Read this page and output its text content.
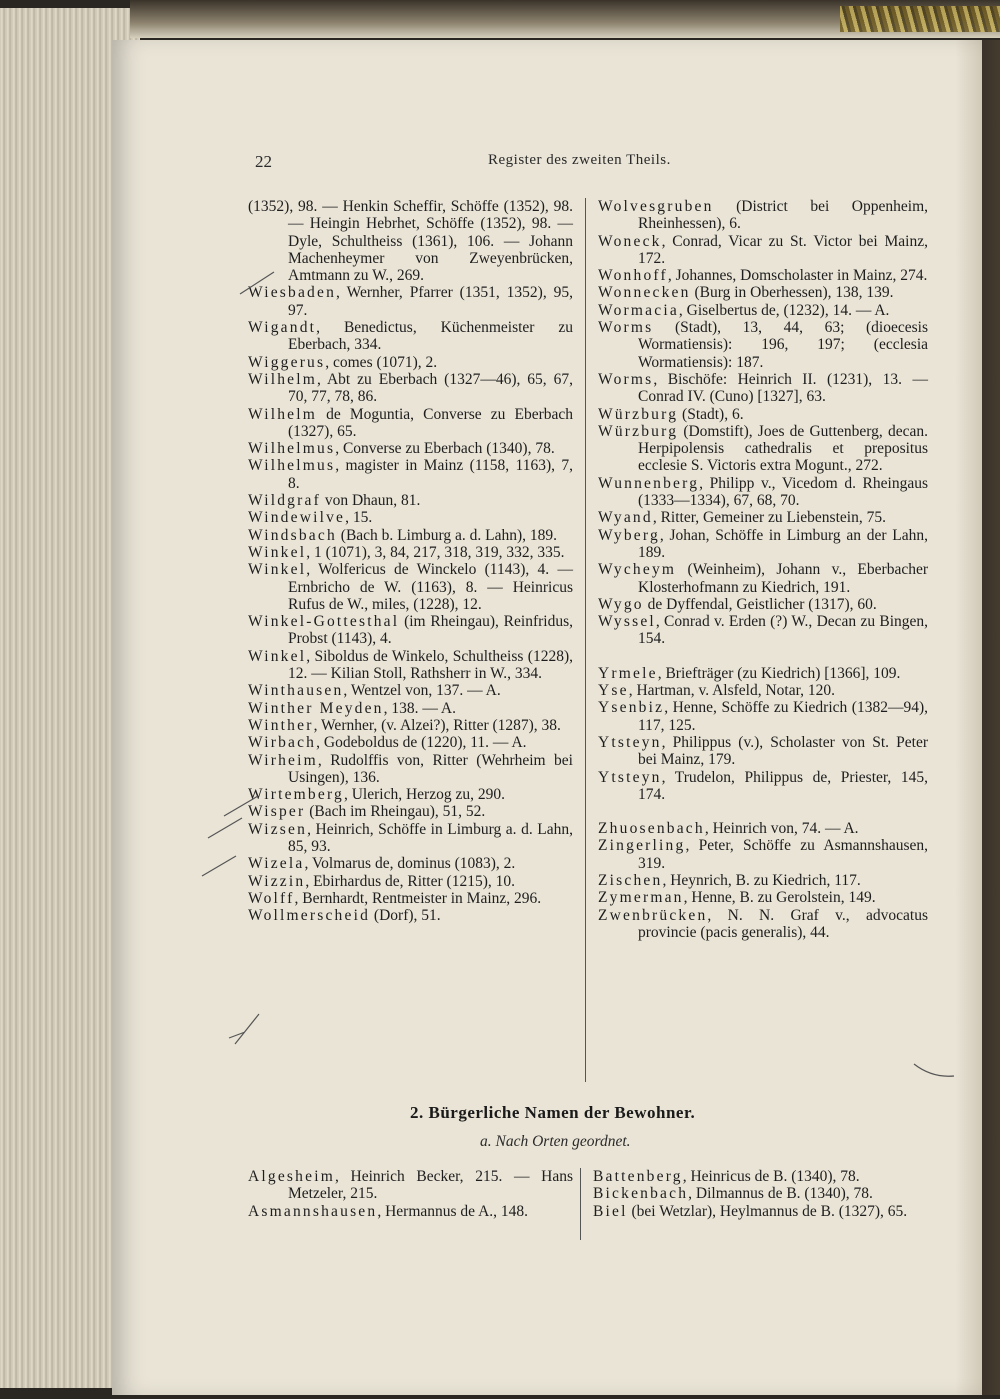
22	Register des zweiten Theils.
(1352), 98. — Henkin Scheffir, Schöffe (1352), 98. — Heingin Hebrhet, Schöffe (1352), 98. — Dyle, Schultheiss (1361), 106. — Johann Machenheymer von Zweyenbrücken, Amtmann zu W., 269.
Wiesbaden, Wernher, Pfarrer (1351, 1352), 95, 97.
Wigandt, Benedictus, Küchenmeister zu Eberbach, 334.
Wiggerus, comes (1071), 2.
Wilhelm, Abt zu Eberbach (1327—46), 65, 67, 70, 77, 78, 86.
Wilhelm de Moguntia, Converse zu Eberbach (1327), 65.
Wilhelmus, Converse zu Eberbach (1340), 78.
Wilhelmus, magister in Mainz (1158, 1163), 7, 8.
Wildgraf von Dhaun, 81.
Windewilve, 15.
Windsbach (Bach b. Limburg a. d. Lahn), 189.
Winkel, 1 (1071), 3, 84, 217, 318, 319, 332, 335.
Winkel, Wolfericus de Winckelo (1143), 4. — Ernbricho de W. (1163), 8. — Heinricus Rufus de W., miles, (1228), 12.
Winkel-Gottesthal (im Rheingau), Reinfridus, Probst (1143), 4.
Winkel, Siboldus de Winkelo, Schultheiss (1228), 12. — Kilian Stoll, Rathsherr in W., 334.
Winthausen, Wentzel von, 137. — A.
Winther Meyden, 138. — A.
Winther, Wernher, (v. Alzei?), Ritter (1287), 38.
Wirbach, Godeboldus de (1220), 11. — A.
Wirheim, Rudolffis von, Ritter (Wehrheim bei Usingen), 136.
Wirtemberg, Ulerich, Herzog zu, 290.
Wisper (Bach im Rheingau), 51, 52.
Wizsen, Heinrich, Schöffe in Limburg a. d. Lahn, 85, 93.
Wizela, Volmarus de, dominus (1083), 2.
Wizzin, Ebirhardus de, Ritter (1215), 10.
Wolff, Bernhardt, Rentmeister in Mainz, 296.
Wollmerscheid (Dorf), 51.
Wolvesgruben (District bei Oppenheim, Rheinhessen), 6.
Woneck, Conrad, Vicar zu St. Victor bei Mainz, 172.
Wonhoff, Johannes, Domscholaster in Mainz, 274.
Wonnecken (Burg in Oberhessen), 138, 139.
Wormacia, Giselbertus de, (1232), 14. — A.
Worms (Stadt), 13, 44, 63; (dioecesis Wormatiensis): 196, 197; (ecclesia Wormatiensis): 187.
Worms, Bischöfe: Heinrich II. (1231), 13. — Conrad IV. (Cuno) [1327], 63.
Würzburg (Stadt), 6.
Würzburg (Domstift), Joes de Guttenberg, decan. Herpipolensis cathedralis et prepositus ecclesie S. Victoris extra Mogunt., 272.
Wunnenberg, Philipp v., Vicedom d. Rheingaus (1333—1334), 67, 68, 70.
Wyand, Ritter, Gemeiner zu Liebenstein, 75.
Wyberg, Johan, Schöffe in Limburg an der Lahn, 189.
Wycheym (Weinheim), Johann v., Eberbacher Klosterhofmann zu Kiedrich, 191.
Wygo de Dyffendal, Geistlicher (1317), 60.
Wyssel, Conrad v. Erden (?) W., Decan zu Bingen, 154.
Yrmele, Briefträger (zu Kiedrich) [1366], 109.
Yse, Hartman, v. Alsfeld, Notar, 120.
Ysenbiz, Henne, Schöffe zu Kiedrich (1382—94), 117, 125.
Ytsteyn, Philippus (v.), Scholaster von St. Peter bei Mainz, 179.
Ytsteyn, Trudelon, Philippus de, Priester, 145, 174.
Zhuosenbach, Heinrich von, 74. — A.
Zingerling, Peter, Schöffe zu Asmannshausen, 319.
Zischen, Heynrich, B. zu Kiedrich, 117.
Zymerman, Henne, B. zu Gerolstein, 149.
Zwenbrücken, N. N. Graf v., advocatus provincie (pacis generalis), 44.
2. Bürgerliche Namen der Bewohner.
a. Nach Orten geordnet.
Algesheim, Heinrich Becker, 215. — Hans Metzeler, 215.
Asmannshausen, Hermannus de A., 148.
Battenberg, Heinricus de B. (1340), 78.
Bickenbach, Dilmannus de B. (1340), 78.
Biel (bei Wetzlar), Heylmannus de B. (1327), 65.
